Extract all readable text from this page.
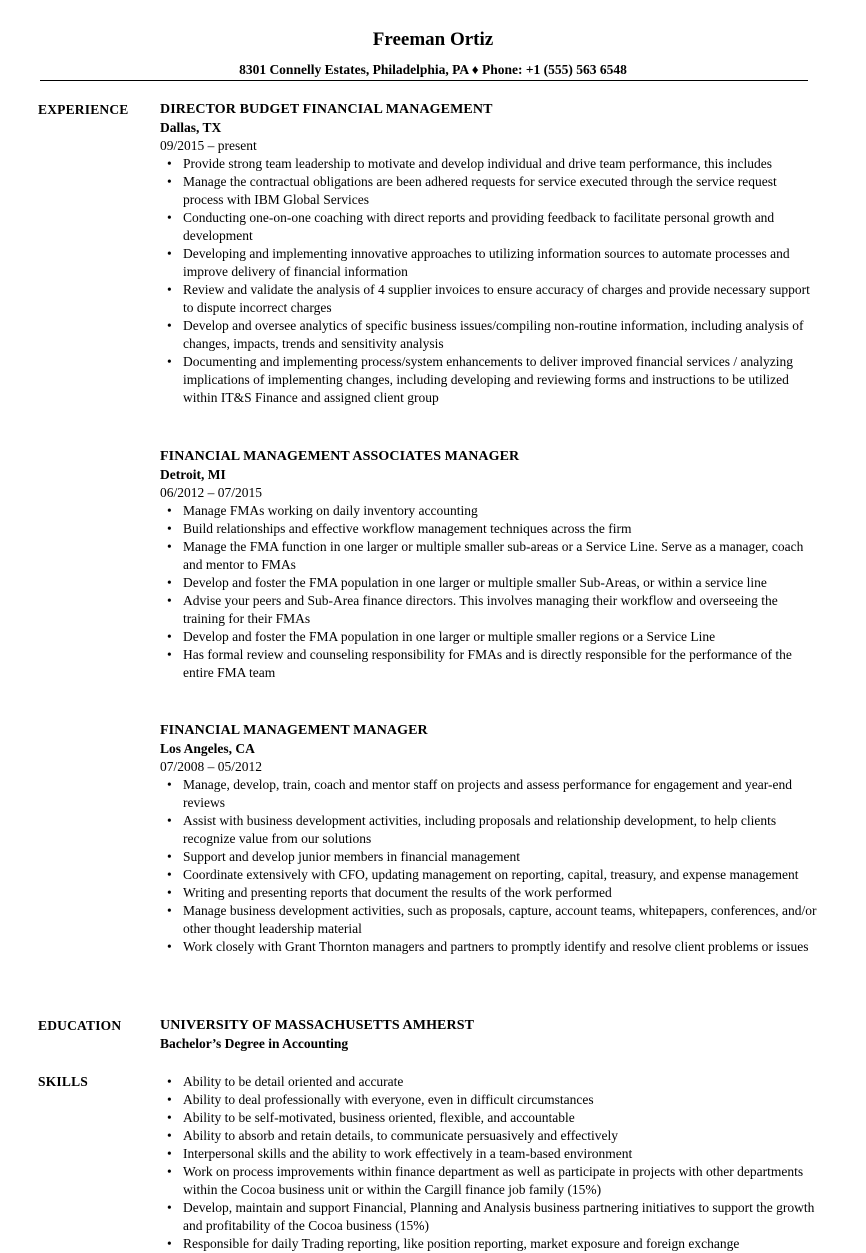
Freeman Ortiz
8301 Connelly Estates, Philadelphia, PA ♦ Phone: +1 (555) 563 6548
EXPERIENCE DIRECTOR BUDGET FINANCIAL MANAGEMENT
Dallas, TX
09/2015 – present
• Provide strong team leadership to motivate and develop individual and drive team performance, this includes
• Manage the contractual obligations are been adhered requests for service executed through the service request process with IBM Global Services
• Conducting one-on-one coaching with direct reports and providing feedback to facilitate personal growth and development
• Developing and implementing innovative approaches to utilizing information sources to automate processes and improve delivery of financial information
• Review and validate the analysis of 4 supplier invoices to ensure accuracy of charges and provide necessary support to dispute incorrect charges
• Develop and oversee analytics of specific business issues/compiling non-routine information, including analysis of changes, impacts, trends and sensitivity analysis
• Documenting and implementing process/system enhancements to deliver improved financial services / analyzing implications of implementing changes, including developing and reviewing forms and instructions to be utilized within IT&S Finance and assigned client group
FINANCIAL MANAGEMENT ASSOCIATES MANAGER
Detroit, MI
06/2012 – 07/2015
• Manage FMAs working on daily inventory accounting
• Build relationships and effective workflow management techniques across the firm
• Manage the FMA function in one larger or multiple smaller sub-areas or a Service Line. Serve as a manager, coach and mentor to FMAs
• Develop and foster the FMA population in one larger or multiple smaller Sub-Areas, or within a service line
• Advise your peers and Sub-Area finance directors. This involves managing their workflow and overseeing the training for their FMAs
• Develop and foster the FMA population in one larger or multiple smaller regions or a Service Line
• Has formal review and counseling responsibility for FMAs and is directly responsible for the performance of the entire FMA team
FINANCIAL MANAGEMENT MANAGER
Los Angeles, CA
07/2008 – 05/2012
• Manage, develop, train, coach and mentor staff on projects and assess performance for engagement and year-end reviews
• Assist with business development activities, including proposals and relationship development, to help clients recognize value from our solutions
• Support and develop junior members in financial management
• Coordinate extensively with CFO, updating management on reporting, capital, treasury, and expense management
• Writing and presenting reports that document the results of the work performed
• Manage business development activities, such as proposals, capture, account teams, whitepapers, conferences, and/or other thought leadership material
• Work closely with Grant Thornton managers and partners to promptly identify and resolve client problems or issues
EDUCATION	UNIVERSITY OF MASSACHUSETTS AMHERST
Bachelor’s Degree in Accounting
SKILLS
•	Ability to be detail oriented and accurate
• Ability to deal professionally with everyone, even in difficult circumstances
• Ability to be self-motivated, business oriented, flexible, and accountable
• Ability to absorb and retain details, to communicate persuasively and effectively
• Interpersonal skills and the ability to work effectively in a team-based environment
• Work on process improvements within finance department as well as participate in projects with other departments within the Cocoa business unit or within the Cargill finance job family (15%)
• Develop, maintain and support Financial, Planning and Analysis business partnering initiatives to support the growth and profitability of the Cocoa business (15%)
• Responsible for daily Trading reporting, like position reporting, market exposure and foreign exchange
